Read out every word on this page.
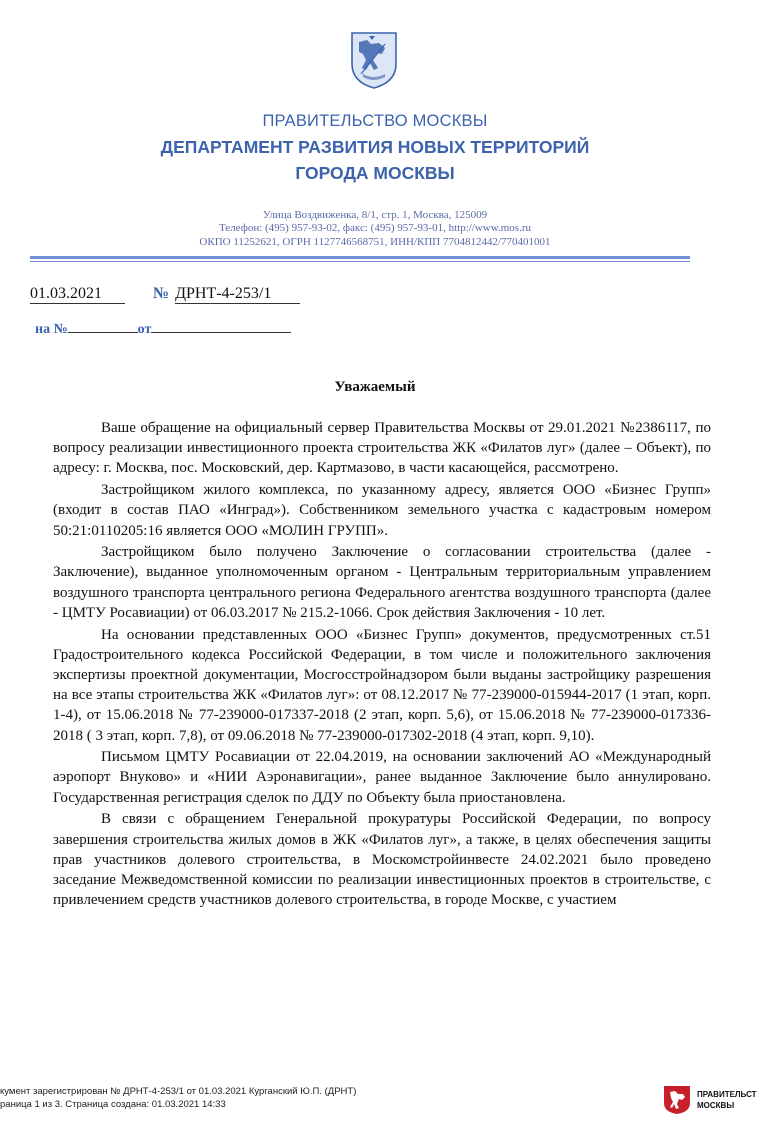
ПРАВИТЕЛЬСТВО МОСКВЫ
ДЕПАРТАМЕНТ РАЗВИТИЯ НОВЫХ ТЕРРИТОРИЙ
ГОРОДА МОСКВЫ
Улица Воздвиженка, 8/1, стр. 1, Москва, 125009
Телефон: (495) 957-93-02, факс: (495) 957-93-01, http://www.mos.ru
ОКПО 11252621, ОГРН 1127746568751, ИНН/КПП 7704812442/770401001
01.03.2021	№ ДРНТ-4-253/1
на №	от
Уважаемый

Ваше обращение на официальный сервер Правительства Москвы от 29.01.2021 №2386117, по вопросу реализации инвестиционного проекта строительства ЖК «Филатов луг» (далее – Объект), по адресу: г. Москва, пос. Московский, дер. Картмазово, в части касающейся, рассмотрено.

Застройщиком жилого комплекса, по указанному адресу, является ООО «Бизнес Групп» (входит в состав ПАО «Инград»). Собственником земельного участка с кадастровым номером 50:21:0110205:16 является ООО «МОЛИН ГРУПП».

Застройщиком было получено Заключение о согласовании строительства (далее - Заключение), выданное уполномоченным органом - Центральным территориальным управлением воздушного транспорта центрального региона Федерального агентства воздушного транспорта (далее - ЦМТУ Росавиации) от 06.03.2017 № 215.2-1066. Срок действия Заключения - 10 лет.

На основании представленных ООО «Бизнес Групп» документов, предусмотренных ст.51 Градостроительного кодекса Российской Федерации, в том числе и положительного заключения экспертизы проектной документации, Мосгосстройнадзором были выданы застройщику разрешения на все этапы строительства ЖК «Филатов луг»: от 08.12.2017 № 77-239000-015944-2017 (1 этап, корп. 1-4), от 15.06.2018 № 77-239000-017337-2018 (2 этап, корп. 5,6), от 15.06.2018 № 77-239000-017336-2018 ( 3 этап, корп. 7,8), от 09.06.2018 № 77-239000-017302-2018 (4 этап, корп. 9,10).

Письмом ЦМТУ Росавиации от 22.04.2019, на основании заключений АО «Международный аэропорт Внуково» и «НИИ Аэронавигации», ранее выданное Заключение было аннулировано. Государственная регистрация сделок по ДДУ по Объекту была приостановлена.

В связи с обращением Генеральной прокуратуры Российской Федерации, по вопросу завершения строительства жилых домов в ЖК «Филатов луг», а также, в целях обеспечения защиты прав участников долевого строительства, в Москомстройинвесте 24.02.2021 было проведено заседание Межведомственной комиссии по реализации инвестиционных проектов в строительстве, с привлечением средств участников долевого строительства, в городе Москве, с участием

кумент зарегистрирован № ДРНТ-4-253/1 от 01.03.2021 Курганский Ю.П. (ДРНТ)
раница 1 из 3. Страница создана: 01.03.2021 14:33
ПРАВИТЕЛЬСТ
МОСКВЫ
